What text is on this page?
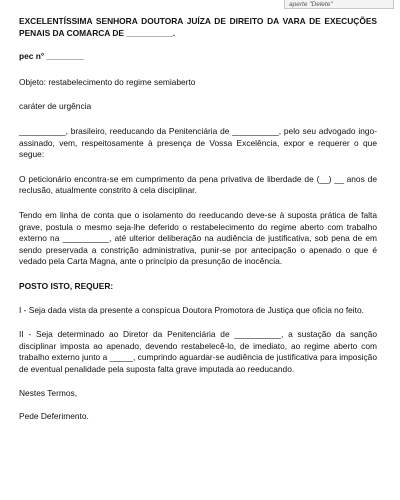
aperte "Delete"
EXCELENTÍSSIMA SENHORA DOUTORA JUÍZA DE DIREITO DA VARA DE EXECUÇÕES PENAIS DA COMARCA DE __________.
pec n° ________

Objeto: restabelecimento do regime semiaberto

caráter de urgência

__________, brasileiro, reeducando da Penitenciária de __________, pelo seu advogado ingo-assinado, vem, respeitosamente à presença de Vossa Excelência, expor e requerer o que segue:

O peticionário encontra-se em cumprimento da pena privativa de liberdade de (__) __ anos de reclusão, atualmente constrito à cela disciplinar.

Tendo em linha de conta que o isolamento do reeducando deve-se à suposta prática de falta grave, postula o mesmo seja-lhe deferido o restabelecimento do regime aberto com trabalho externo na __________, até ulterior deliberação na audiência de justificativa, sob pena de em sendo preservada a constrição administrativa, punir-se por antecipação o apenado o que é vedado pela Carta Magna, ante o princípio da presunção de inocência.

POSTO ISTO, REQUER:

I - Seja dada vista da presente a conspícua Doutora Promotora de Justiça que oficia no feito.

II - Seja determinado ao Diretor da Penitenciária de __________, a sustação da sanção disciplinar imposta ao apenado, devendo restabelecê-lo, de imediato, ao regime aberto com trabalho externo junto a _____, cumprindo aguardar-se audiência de justificativa para imposição de eventual penalidade pela suposta falta grave imputada ao reeducando.

Nestes Termos,

Pede Deferimento.
